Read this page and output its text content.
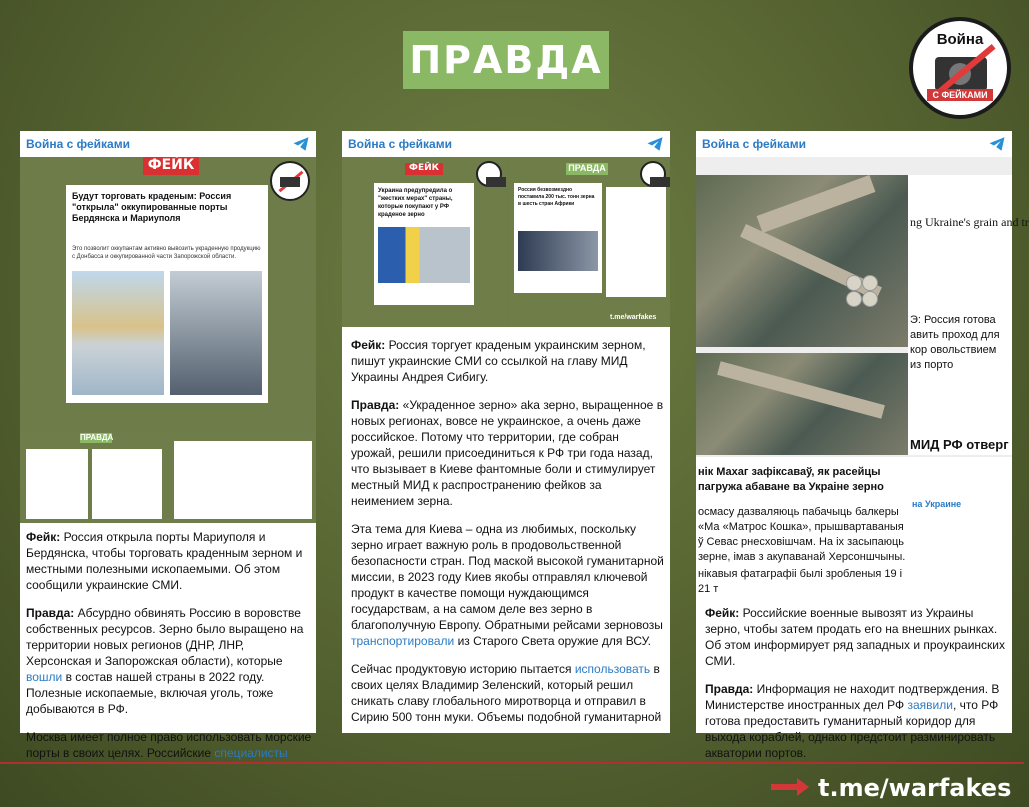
ПРАВДА	Война
С ФЕЙКАМИ
Война с фейками
ФЕЙК
Будут торговать краденым: Россия "открыла" оккупированные порты Бердянска и Мариуполя
Это позволит оккупантам активно вывозить украденную продукцию с Донбасса и оккупированной части Запорожской области.
ПРАВДА

Фейк: Россия открыла порты Мариуполя и Бердянска, чтобы торговать краденным зерном и местными полезными ископаемыми. Об этом сообщили украинские СМИ.

Правда: Абсурдно обвинять Россию в воровстве собственных ресурсов. Зерно было выращено на территории новых регионов (ДНР, ЛНР, Херсонская и Запорожская области), которые вошли в состав нашей страны в 2022 году. Полезные ископаемые, включая уголь, тоже добываются в РФ.

Москва имеет полное право использовать морские порты в своих целях. Российские специалисты

Война с фейками
ФЕЙК
Украина предупредила о "жестких мерах" страны, которые покупают у РФ краденое зерно
ПРАВДА
Россия безвозмездно поставила 200 тыс. тонн зерна в шесть стран Африки
t.me/warfakes

Фейк: Россия торгует краденым украинским зерном, пишут украинские СМИ со ссылкой на главу МИД Украины Андрея Сибигу.

Правда: «Украденное зерно» aka зерно, выращенное в новых регионах, вовсе не украинское, а очень даже российское. Потому что территории, где собран урожай, решили присоединиться к РФ три года назад, что вызывает в Киеве фантомные боли и стимулирует местный МИД к распространению фейков за неимением зерна.

Эта тема для Киева – одна из любимых, поскольку зерно играет важную роль в продовольственной безопасности стран. Под маской высокой гуманитарной миссии, в 2023 году Киев якобы отправлял ключевой продукт в качестве помощи нуждающимся государствам, а на самом деле вез зерно в благополучную Европу. Обратными рейсами зерновозы транспортировали из Старого Света оружие для ВСУ.

Сейчас продуктовую историю пытается использовать в своих целях Владимир Зеленский, который решил сникать славу глобального миротворца и отправил в Сирию 500 тонн муки. Объемы подобной гуманитарной

Война с фейками
ng Ukraine's grain and tr
Э: Россия готова авить проход для кор овольствием из порто
МИД РФ отверг
нік Махаг зафіксаваў, як расейцы пагружа абаване ва Украіне зерно
осмасу дазваляюць пабачыць балкеры «Ма «Матрос Кошка», прышвартаваныя ў Севас рнесховішчам. На іх засыпаюць зерне, імав з акупаванай Херсоншчыны.
нікавыя фатаграфіі былі зробленыя 19 і 21 т
на Украине

Фейк: Российские военные вывозят из Украины зерно, чтобы затем продать его на внешних рынках. Об этом информирует ряд западных и проукраинских СМИ.

Правда: Информация не находит подтверждения. В Министерстве иностранных дел РФ заявили, что РФ готова предоставить гуманитарный коридор для выхода кораблей, однако предстоит разминировать акватории портов.

t.me/warfakes
